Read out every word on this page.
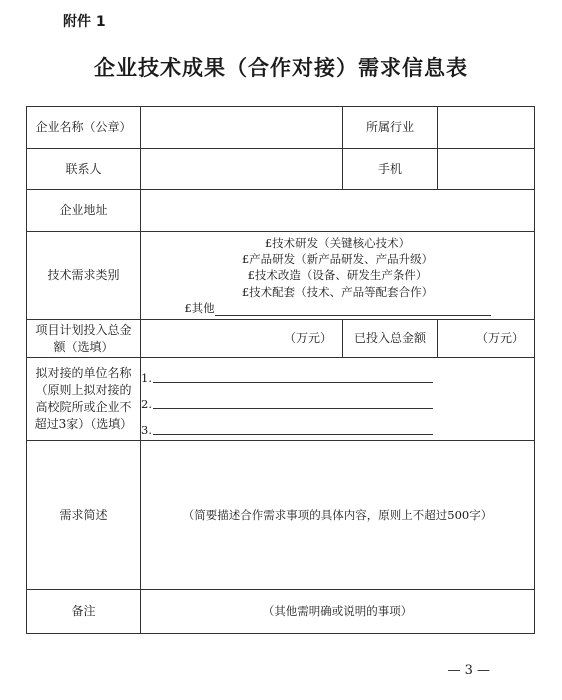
附件 1
企业技术成果（合作对接）需求信息表
企业名称（公章）		所属行业	
联系人		手机	
企业地址			
技术需求类别	£技术研发（关键核心技术）
£产品研发（新产品研发、产品升级）
£技术改造（设备、研发生产条件）
£技术配套（技术、产品等配套合作）
£其他		

项目计划投入总金额（选填）	（万元）	已投入总金额	（万元）
拟对接的单位名称（原则上拟对接的高校院所或企业不超过3家）（选填）	1.
2.
3.		

需求简述	（简要描述合作需求事项的具体内容，原则上不超过500字）		
备注	（其他需明确或说明的事项）		
— 3 —
